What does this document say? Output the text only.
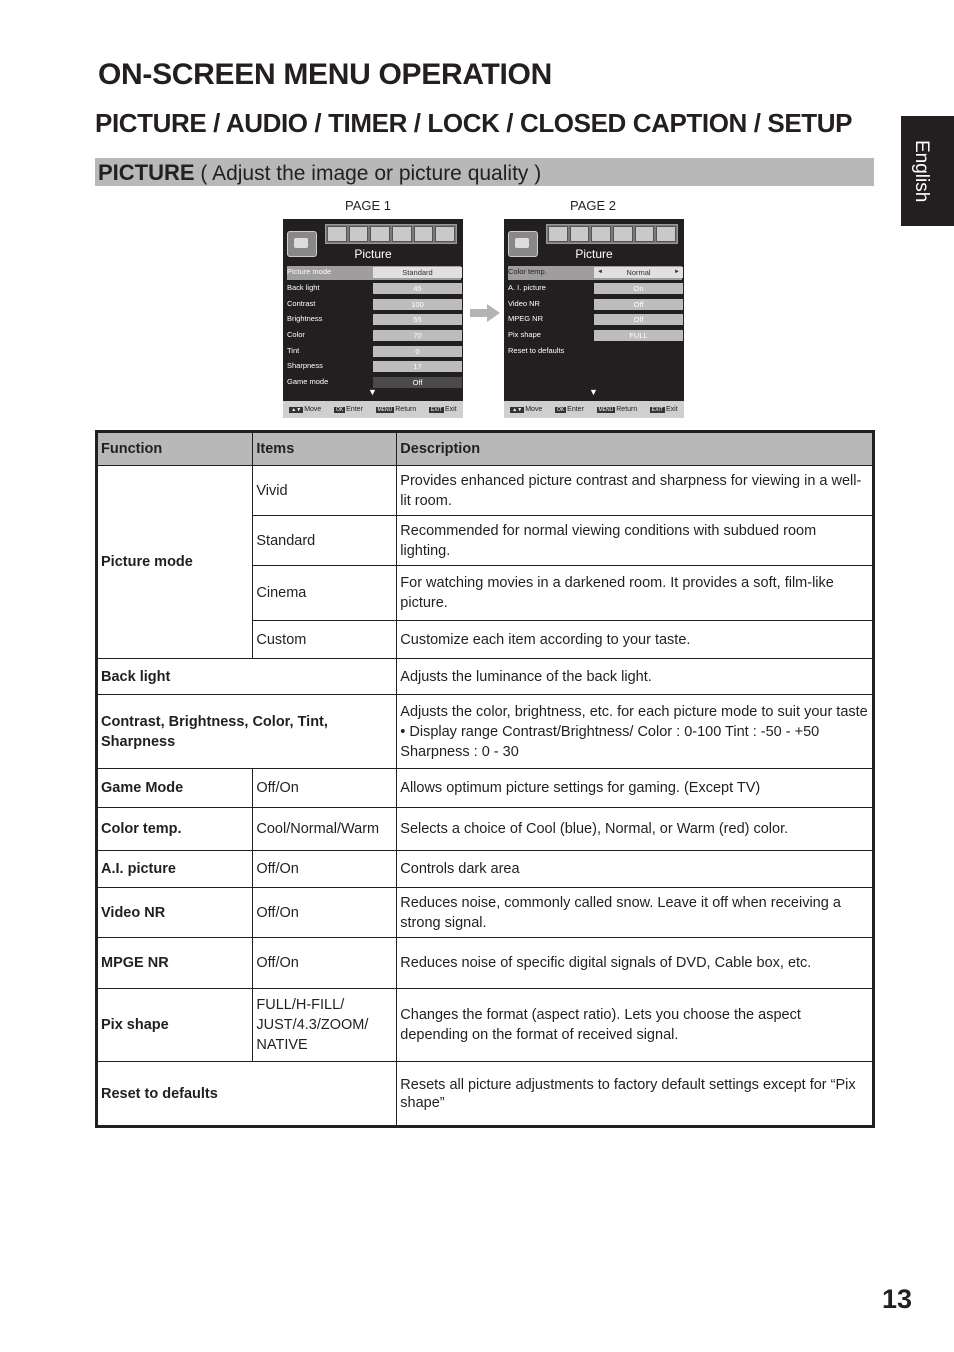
ON-SCREEN MENU OPERATION
PICTURE / AUDIO / TIMER / LOCK / CLOSED CAPTION / SETUP
PICTURE ( Adjust the image or picture quality )	English
PAGE 1	PAGE 2
Picture
Picture mode	Standard
Back light	45
Contrast	100
Brightness	55
Color	70
Tint	0
Sharpness	17
Game mode	Off
▼
▲▼ Move	OK Enter	MENU Return	EXIT Exit
Picture
Color temp.	◄	Normal	►
A. I. picture	On
Video NR	Off
MPEG NR	Off
Pix shape	FULL
Reset to defaults
▼
▲▼ Move	OK Enter	MENU Return	EXIT Exit
Function	Items	Description
Picture mode	Vivid	Provides enhanced picture contrast and sharpness for viewing in a well-lit room.
	Standard	Recommended for normal viewing conditions with subdued room lighting.
	Cinema	For watching movies in a darkened room. It provides a soft, film-like picture.
	Custom	Customize each item according to your taste.
Back light		Adjusts the luminance of the back light.
Contrast, Brightness, Color, Tint, Sharpness		Adjusts the color, brightness, etc. for each picture mode to suit your taste • Display range Contrast/Brightness/ Color : 0-100 Tint : -50 - +50 Sharpness : 0 - 30
Game Mode	Off/On	Allows optimum picture settings for gaming. (Except TV)
Color temp.	Cool/Normal/Warm	Selects a choice of Cool (blue), Normal, or Warm (red) color.
A.I. picture	Off/On	Controls dark area
Video NR	Off/On	Reduces noise, commonly called snow. Leave it off when receiving a strong signal.
MPGE NR	Off/On	Reduces noise of specific digital signals of DVD, Cable box, etc.
Pix shape	FULL/H-FILL/ JUST/4.3/ZOOM/ NATIVE	Changes the format (aspect ratio). Lets you choose the aspect depending on the format of received signal.
Reset to defaults		Resets all picture adjustments to factory default settings except for “Pix shape”
13
